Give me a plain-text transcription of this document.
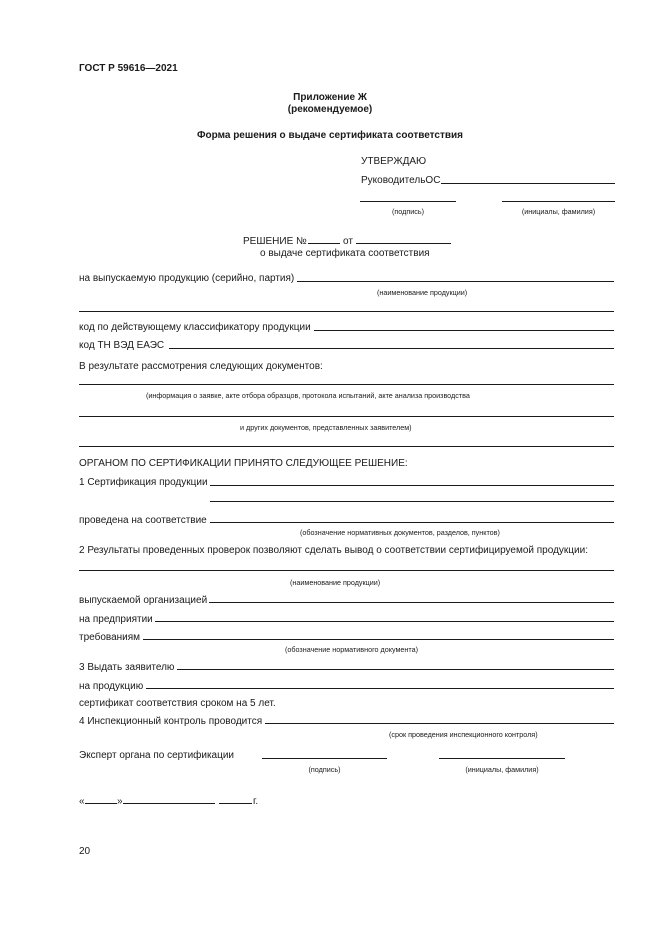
ГОСТ Р 59616—2021
Приложение Ж
(рекомендуемое)
Форма решения о выдаче сертификата соответствия
УТВЕРЖДАЮ
РуководительОС
(подпись)	(инициалы, фамилия)
РЕШЕНИЕ №	от
о выдаче сертификата соответствия
на выпускаемую продукцию (серийно, партия)
(наименование продукции)
код по действующему классификатору продукции
код ТН ВЭД ЕАЭС
В результате рассмотрения следующих документов:
(информация о заявке, акте отбора образцов, протокола испытаний, акте анализа производства
и других документов, представленных заявителем)
ОРГАНОМ ПО СЕРТИФИКАЦИИ ПРИНЯТО СЛЕДУЮЩЕЕ РЕШЕНИЕ:
1 Сертификация продукции
проведена на соответствие
(обозначение нормативных документов, разделов, пунктов)
2 Результаты проведенных проверок позволяют сделать вывод о соответствии сертифицируемой продукции:
(наименование продукции)
выпускаемой организацией
на предприятии
требованиям
(обозначение нормативного документа)
3 Выдать заявителю
на продукцию
сертификат соответствия сроком на 5 лет.
4 Инспекционный контроль проводится
(срок проведения инспекционного контроля)
Эксперт органа по сертификации
(подпись)	(инициалы, фамилия)
«	»	г.
20
